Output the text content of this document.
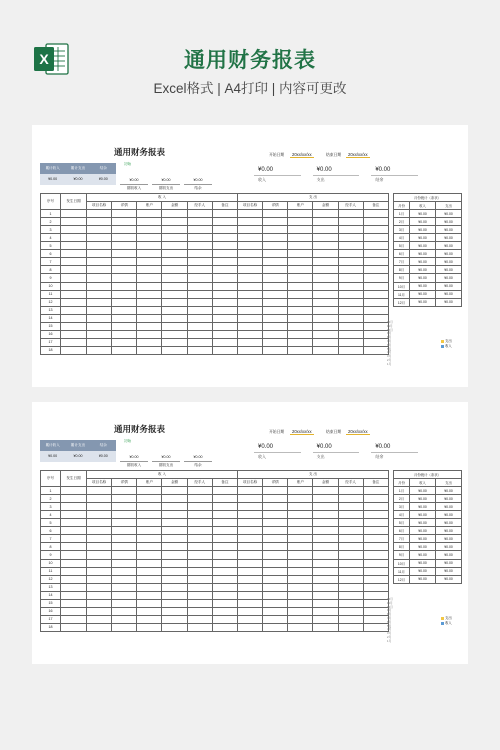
X	通用财务报表
Excel格式 | A4打印 | 内容可更改
通用财务报表
初始
累计收入	累计支出	结余
¥0.00	¥0.00	¥0.00	¥0.00	¥0.00	¥0.00
期初收入	期初支出	结余
开始日期	20xx/xx/xx	结束日期	20xx/xx/xx
¥0.00	¥0.00	¥0.00
收入	支出	结余
序号	发生日期	收 入						支 出					
		项目名称	详情	账户	金额	经手人	备注	项目名称	详情	账户	金额	经手人	备注
1													
2													
3													
4													
5													
6													
7													
8													
9													
10													
11													
12													
13													
14													
15													
16													
17													
18													
月份统计（条状）		
月份	收入	支出
1月	¥0.00	¥0.00
2月	¥0.00	¥0.00
3月	¥0.00	¥0.00
4月	¥0.00	¥0.00
5月	¥0.00	¥0.00
6月	¥0.00	¥0.00
7月	¥0.00	¥0.00
8月	¥0.00	¥0.00
9月	¥0.00	¥0.00
10月	¥0.00	¥0.00
11月	¥0.00	¥0.00
12月	¥0.00	¥0.00
12月
11月
10月
9月
8月
7月
6月
5月
4月
3月
2月
1月
支出
收入
通用财务报表
初始
累计收入	累计支出	结余
¥0.00	¥0.00	¥0.00	¥0.00	¥0.00	¥0.00
期初收入	期初支出	结余
开始日期	20xx/xx/xx	结束日期	20xx/xx/xx
¥0.00	¥0.00	¥0.00
收入	支出	结余
序号	发生日期	收 入						支 出					
		项目名称	详情	账户	金额	经手人	备注	项目名称	详情	账户	金额	经手人	备注
1													
2													
3													
4													
5													
6													
7													
8													
9													
10													
11													
12													
13													
14													
15													
16													
17													
18													
月份统计（条状）		
月份	收入	支出
1月	¥0.00	¥0.00
2月	¥0.00	¥0.00
3月	¥0.00	¥0.00
4月	¥0.00	¥0.00
5月	¥0.00	¥0.00
6月	¥0.00	¥0.00
7月	¥0.00	¥0.00
8月	¥0.00	¥0.00
9月	¥0.00	¥0.00
10月	¥0.00	¥0.00
11月	¥0.00	¥0.00
12月	¥0.00	¥0.00
12月
11月
10月
9月
8月
7月
6月
5月
4月
3月
2月
1月
支出
收入
